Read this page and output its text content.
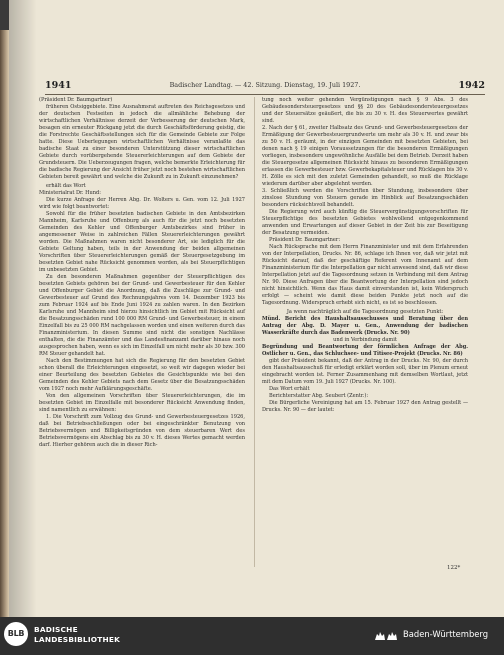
1941	Badischer Landtag. — 42. Sitzung. Dienstag, 19. Juli 1927.	1942

(Präsident Dr. Baumgartner)

früheren Ostsiggebiete. Eine Ausnahmsrat auftreten des Reichsgesetzes und der deutschen Festseiten in jedoch die allmähliche Behebung der wirtschaftlichen Verhältnisse derzeit der Verbesserung der deutschen Mark, besagen ein erneuter Rückgang jetzt die durch Geschäftsförderung geistig, die die Forstrechte Geschäftsstellungen sich für die Gemeinde Gebiete zur Folge hatte. Diese Ueberlegungen wirtschaftlichen Verhältnisse veranlaßte das badische Staat zu einer besonderen Unterstützung dieser wirtschaftlichen Gebiete durch vorübergehende Steuererleichterungen auf dem Gebiete der Grundsteuern. Die Ueberzeugungen fragen, welche bemerkte Erleichterung für die badische Regierung der Ansicht früher jetzt noch bestehen wirtschaftlichen Gebieten bereit gewährt und welche die Zukunft zu in Zukunft einzunehmen?

erhält das Wort

Ministerialrat Dr. Hund:

Die kurze Anfrage der Herren Abg. Dr. Wolters u. Gen. vom 12. Juli 1927 wird wie folgt beantwortet:

Sowohl für die früher besetzten badischen Gebiete in den Amtsbezirken Mannheim, Karlsruhe und Offenburg als auch für die jetzt noch besetzten Gemeinden des Kehler und Offenburger Amtsbezirkes sind früher in angemessener Weise in zahlreichen Fällen Steuererleichterungen gewährt worden. Die Maßnahmen waren nicht besonderer Art, sie lediglich für die Gebiete Geltung haben, teils in der Anwendung der beiden allgemeinen Vorschriften über Steuererleichterungen gemäß der Steuergesetzgebung im besetzten Gebiet nahe Rücksicht genommen worden, als bei Steuerpflichtigen im unbesetzten Gebiet.

Zu den besonderen Maßnahmen gegenüber der Steuerpflichtigen des besetzten Gebiets gehören bei der Grund- und Gewerbesteuer für den Kehler und Offenburger Gebiet die Anordnung, daß die Zuschläge zur Grund- und Gewerbesteuer auf Grund des Rechnungsjahres vom 14. Dezember 1923 bis zum Februar 1924 auf bis Ende Juni 1924 zu zahlen waren. In den Bezirken Karlsruhe und Mannheim sind hierzu hinsichtlich im Gebiet mit Rücksicht auf die Besatzungsschäden rund 100 000 RM Grund- und Gewerbesteuer, in einem Einzelfall bis zu 25 000 RM nachgelassen worden und einen weiteren durch das Finanzministerium. In diesen Summe sind nicht die sonstigen Nachlässe enthalten, die die Finanzämter und das Landesfinanzamt darüber hinaus noch ausgesprochen haben, wenn es sich im Einzelfall um nicht mehr als 30 bzw. 300 RM Steuer gehandelt hat.

Nach den Bestimmungen hat sich die Regierung für den besetzten Gebiet schon überall die Erleichterungen eingesetzt, so weit wir dagegen wieder bei einer Beurteilung des besetzten Gebietes die Gesichtspunkte wie bei den Gemeinden des Kehler Gebiets nach dem Gesetz über die Besatzungsschäden vom 1927 noch mehr Aufklärungsgeschäfte.

Von den allgemeinen Vorschriften über Steuererleichterungen, die im besetzten Gebiet im Einzelfalle mit besonderer Rücksicht Anwendung finden, sind namentlich zu erwähnen:

1. Die Vorschrift zum Vollzug des Grund- und Gewerbesteuergesetzes 1926, daß bei Betriebsschließungen oder bei eingeschränkter Benutzung von Betriebsvermögen und Billigkeitsgründen von dem steuerbaren Wert des Betriebsvermögens ein Abschlag bis zu 30 v. H. dieses Wertes gemacht werden darf. Hierher gehören auch die in dieser Rich-

tung noch weiter gehenden Vergünstigungen nach § 9 Abs. 3 des Gebäudesondersteuergesetzes und §§ 20 des Gebäudesondersteuergesetzes und der Steuersätze geäußert, die bis zu 30 v. H. des Steuerwertes gewährt sind.

2. Nach der § 61, zweiter Halbsatz des Grund- und Gewerbesteuergesetzes der Ermäßigung der Gewerbesteuergrundwerte um mehr als 30 v. H. und zwar bis zu 50 v. H. geräumt, in der einzigen Gemeinden mit besetzten Gebieten, bei denen nach § 19 einigen Voraussetzungen für die besonderen Ermäßigungen vorliegen, insbesondere ungewöhnliche Ausfälle bei dem Betrieb. Derzeit haben die Steuergesetze allgemeinen Rücksicht hinaus zu besonderen Ermäßigungen erlassen die Gewerbesteuer bzw. Gewerbekapitalsteuer und Rücklagen bis 30 v. H. Zölle es sich mit den zuletzt Gemeinden gehandelt, so muß die Rücklage wiederum darüber aber abgelehnt werden.

3. Schließlich werden die Vorschriften über Stundung, insbesondere über zinslose Stundung von Steuern gerade im Hinblick auf Besatzungsschäden besonders rücksichtsvoll behandelt.

Die Regierung wird auch künftig die Steuervergünstigungsvorschriften für Steuerpflichtige des besetzten Gebietes wohlwollend entgegenkommend anwenden und Erwartungen auf dieser Gebiet in der Zeit bis zur Beseitigung der Besatzung vermeiden.

Präsident Dr. Baumgartner:

Nach Rücksprache mit dem Herrn Finanzminister und mit dem Erfahrenden von der Interpellation, Drucks. Nr. 86, schlage ich Ihnen vor, daß wir jetzt mit Rücksicht darauf, daß der geschäftige Referent vom Innenamt auf dem Finanzministerium für die Interpellation gar nicht anwesend sind, daß wir diese Interpellation jetzt auf die Tagesordnung setzen in Verbindung mit dem Antrag Nr. 90. Diese Anfragen über die Beantwortung der Interpellation sind jedoch nicht hinsichtlich. Wenn das Haus damit einverstanden ist, kein Widerspruch erfolgt — scheint wie damit diese beiden Punkte jetzt noch auf die Tagesordnung. Widerspruch erhebt sich nicht, es ist so beschlossen.

Ja wenn nachträglich auf die Tagesordnung gesetzten Punkt:

Münd. Bericht des Haushaltsausschusses und Beratung über den Antrag der Abg. D. Mayer u. Gen., Anwendung der badischen Wasserkräfte durch das Badenwerk (Drucks. Nr. 90)

und in Verbindung damit

Begründung und Beantwortung der förmlichen Anfrage der Abg. Ostlicher u. Gen., das Schluchsee- und Titisee-Projekt (Drucks. Nr. 86)

gibt der Präsident bekannt, daß der Antrag in der Drucks. Nr. 90, der durch den Haushaltsausschuß für erledigt erklärt worden soll, über im Plenum erneut eingebracht worden ist. Ferner Zusammenhang mit demselben Wortlaut, jetzt mit dem Datum vom 19. Juli 1927 (Drucks. Nr. 100).

Das Wort erhält

Berichterstatter Abg. Seubert (Zentr.):

Die Bürgerliche Vereinigung hat am 15. Februar 1927 den Antrag gestellt — Drucks. Nr. 90 — der lautet:

122*
BLB	BADISCHE
LANDESBIBLIOTHEK
Baden-Württemberg
